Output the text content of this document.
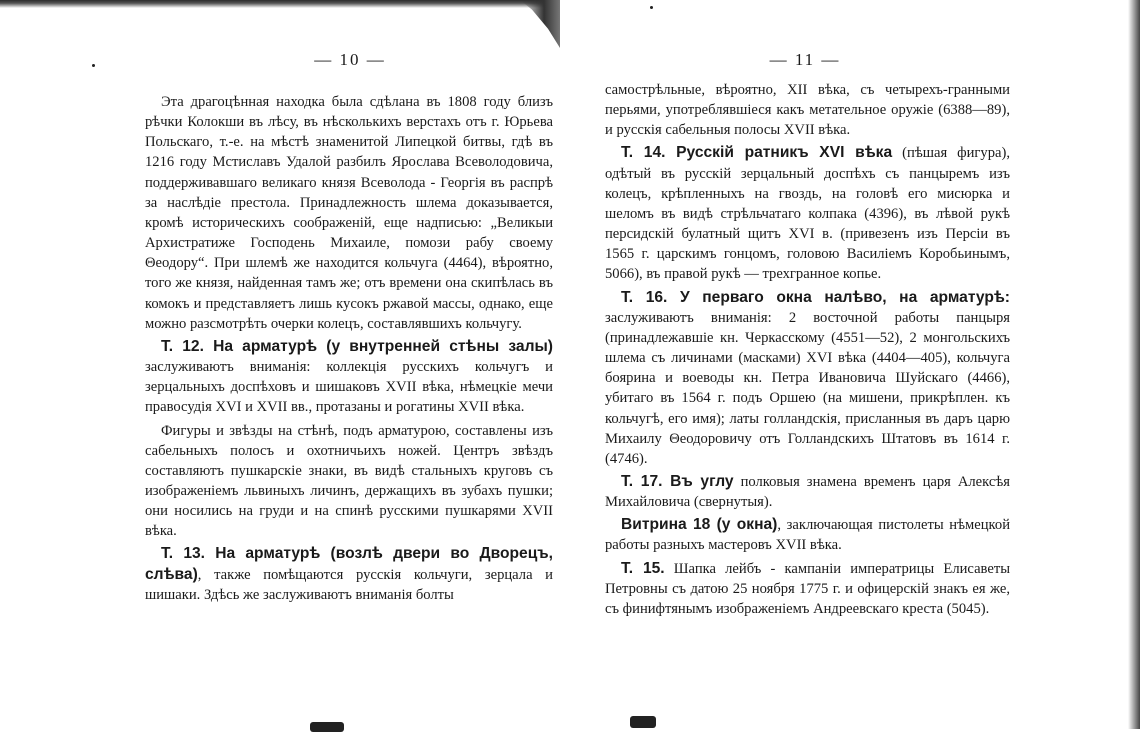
— 10 —

Эта драгоцѣнная находка была сдѣлана въ 1808 году близъ рѣчки Колокши въ лѣсу, въ нѣсколькихъ верстахъ отъ г. Юрьева Польскаго, т.-е. на мѣстѣ знаменитой Липецкой битвы, гдѣ въ 1216 году Мстиславъ Удалой разбилъ Ярослава Всеволодовича, поддерживавшаго великаго князя Всеволода - Георгія въ распрѣ за наслѣдіе престола. Принадлежность шлема доказывается, кромѣ историческихъ соображеній, еще надписью: „Великыи Архистратиже Господень Михаиле, помози рабу своему Θеодору“. При шлемѣ же находится кольчуга (4464), вѣроятно, того же князя, найденная тамъ же; отъ времени она скипѣлась въ комокъ и представляетъ лишь кусокъ ржавой массы, однако, еще можно разсмотрѣть очерки колецъ, составлявшихъ кольчугу.

Т. 12. На арматурѣ (у внутренней стѣны залы) заслуживаютъ вниманія: коллекція русскихъ кольчугъ и зерцальныхъ доспѣховъ и шишаковъ XVII вѣка, нѣмецкіе мечи правосудія XVI и XVII вв., протазаны и рогатины XVII вѣка.

Фигуры и звѣзды на стѣнѣ, подъ арматурою, составлены изъ сабельныхъ полосъ и охотничьихъ ножей. Центръ звѣздъ составляютъ пушкарскіе знаки, въ видѣ стальныхъ круговъ съ изображеніемъ львиныхъ личинъ, держащихъ въ зубахъ пушки; они носились на груди и на спинѣ русскими пушкарями XVII вѣка.

Т. 13. На арматурѣ (возлѣ двери во Дворецъ, слѣва), также помѣщаются русскія кольчуги, зерцала и шишаки. Здѣсь же заслуживаютъ вниманія болты

— 11 —

самострѣльные, вѣроятно, XII вѣка, съ четырехъ-гранными перьями, употреблявшіеся какъ метательное оружіе (6388—89), и русскія сабельныя полосы XVII вѣка.

Т. 14. Русскій ратникъ XVI вѣка (пѣшая фигура), одѣтый въ русскій зерцальный доспѣхъ съ панцыремъ изъ колецъ, крѣпленныхъ на гвоздь, на головѣ его мисюрка и шеломъ въ видѣ стрѣльчатаго колпака (4396), въ лѣвой рукѣ персидскій булатный щитъ XVI в. (привезенъ изъ Персіи въ 1565 г. царскимъ гонцомъ, головою Василіемъ Коробьинымъ, 5066), въ правой рукѣ — трехгранное копье.

Т. 16. У перваго окна налѣво, на арматурѣ: заслуживаютъ вниманія: 2 восточной работы панцыря (принадлежавшіе кн. Черкасскому (4551—52), 2 монгольскихъ шлема съ личинами (масками) XVI вѣка (4404—405), кольчуга боярина и воеводы кн. Петра Ивановича Шуйскаго (4466), убитаго въ 1564 г. подъ Оршею (на мишени, прикрѣплен. къ кольчугѣ, его имя); латы голландскія, присланныя въ даръ царю Михаилу Θеодоровичу отъ Голландскихъ Штатовъ въ 1614 г. (4746).

Т. 17. Въ углу полковыя знамена временъ царя Алексѣя Михайловича (свернутыя).

Витрина 18 (у окна), заключающая пистолеты нѣмецкой работы разныхъ мастеровъ XVII вѣка.

Т. 15. Шапка лейбъ - кампаніи императрицы Елисаветы Петровны съ датою 25 ноября 1775 г. и офицерскій знакъ ея же, съ финифтянымъ изображеніемъ Андреевскаго креста (5045).
